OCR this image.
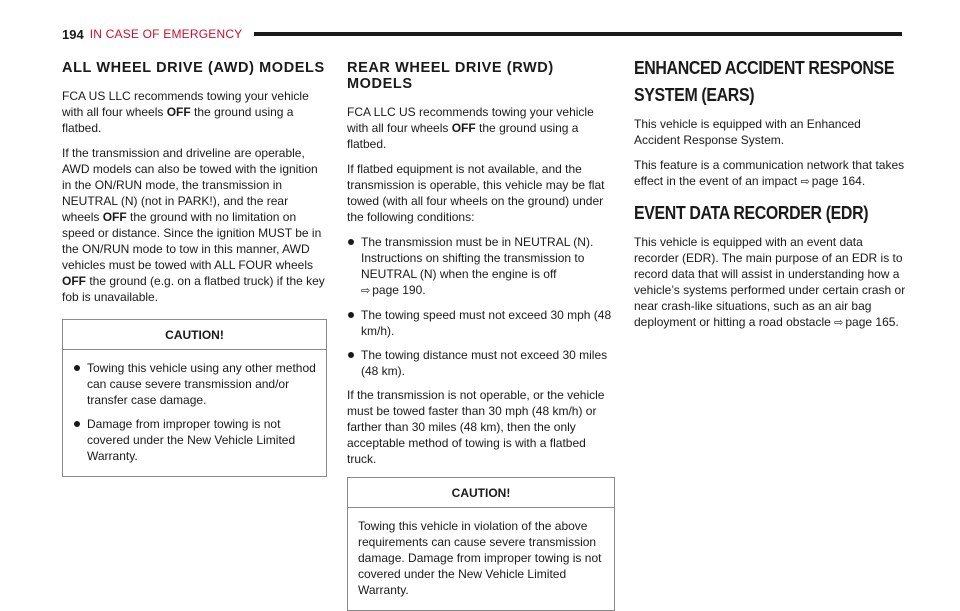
194 IN CASE OF EMERGENCY
ALL WHEEL DRIVE (AWD) MODELS

FCA US LLC recommends towing your vehicle with all four wheels OFF the ground using a flatbed.

If the transmission and driveline are operable, AWD models can also be towed with the ignition in the ON/RUN mode, the transmission in NEUTRAL (N) (not in PARK!), and the rear wheels OFF the ground with no limitation on speed or distance. Since the ignition MUST be in the ON/RUN mode to tow in this manner, AWD vehicles must be towed with ALL FOUR wheels OFF the ground (e.g. on a flatbed truck) if the key fob is unavailable.

CAUTION!
Towing this vehicle using any other method can cause severe transmission and/or transfer case damage.
Damage from improper towing is not covered under the New Vehicle Limited Warranty.
REAR WHEEL DRIVE (RWD) MODELS

FCA LLC US recommends towing your vehicle with all four wheels OFF the ground using a flatbed.

If flatbed equipment is not available, and the transmission is operable, this vehicle may be flat towed (with all four wheels on the ground) under the following conditions:

The transmission must be in NEUTRAL (N). Instructions on shifting the transmission to NEUTRAL (N) when the engine is off
⇨ page 190.
The towing speed must not exceed 30 mph (48 km/h).
The towing distance must not exceed 30 miles (48 km).

If the transmission is not operable, or the vehicle must be towed faster than 30 mph (48 km/h) or farther than 30 miles (48 km), then the only acceptable method of towing is with a flatbed truck.

CAUTION!

Towing this vehicle in violation of the above requirements can cause severe transmission damage. Damage from improper towing is not covered under the New Vehicle Limited Warranty.

ENHANCED ACCIDENT RESPONSE SYSTEM (EARS)

This vehicle is equipped with an Enhanced Accident Response System.

This feature is a communication network that takes effect in the event of an impact ⇨ page 164.

EVENT DATA RECORDER (EDR)

This vehicle is equipped with an event data recorder (EDR). The main purpose of an EDR is to record data that will assist in understanding how a vehicle’s systems performed under certain crash or near crash-like situations, such as an air bag deployment or hitting a road obstacle ⇨ page 165.
